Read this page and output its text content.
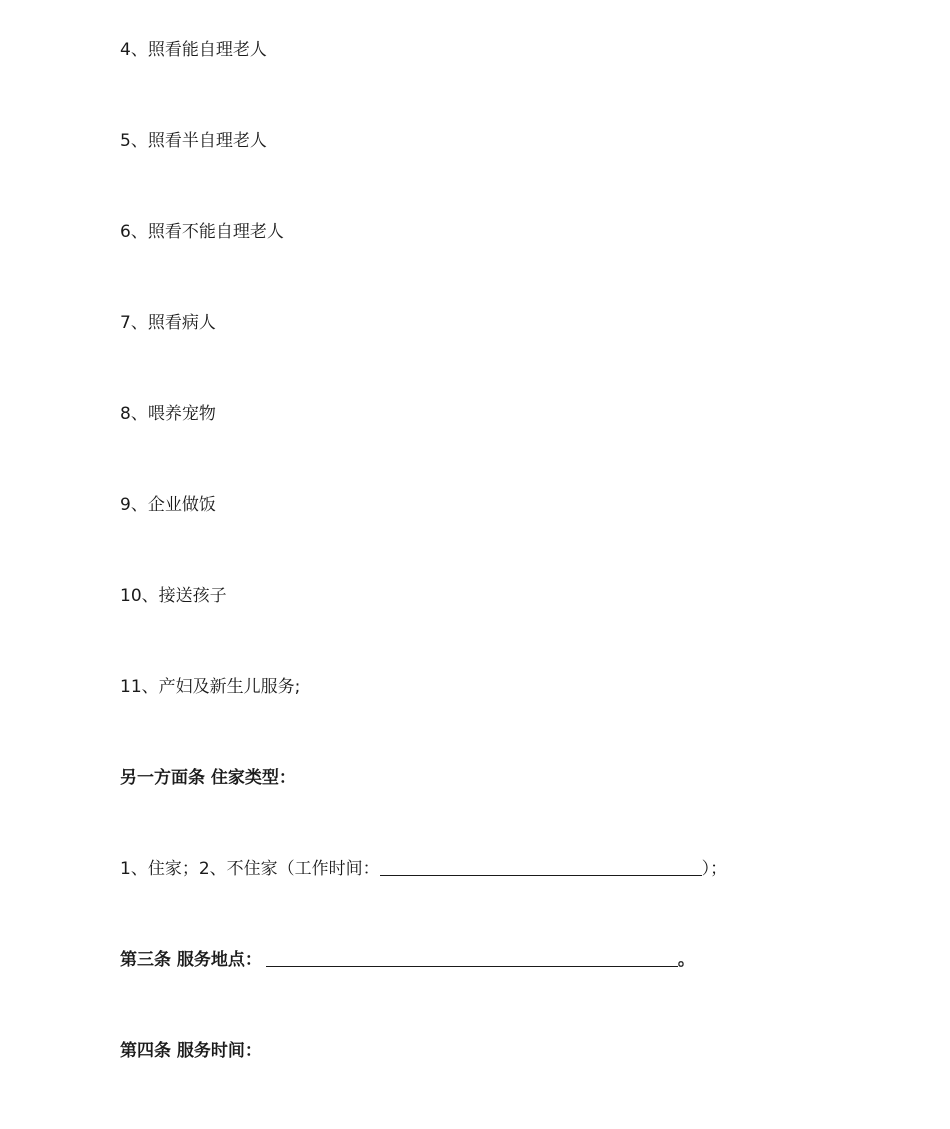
4、照看能自理老人
5、照看半自理老人
6、照看不能自理老人
7、照看病人
8、喂养宠物
9、企业做饭
10、接送孩子
11、产妇及新生儿服务;
另一方面条 住家类型：
1、住家；2、不住家（工作时间：	）；
第三条 服务地点：	。
第四条 服务时间：
